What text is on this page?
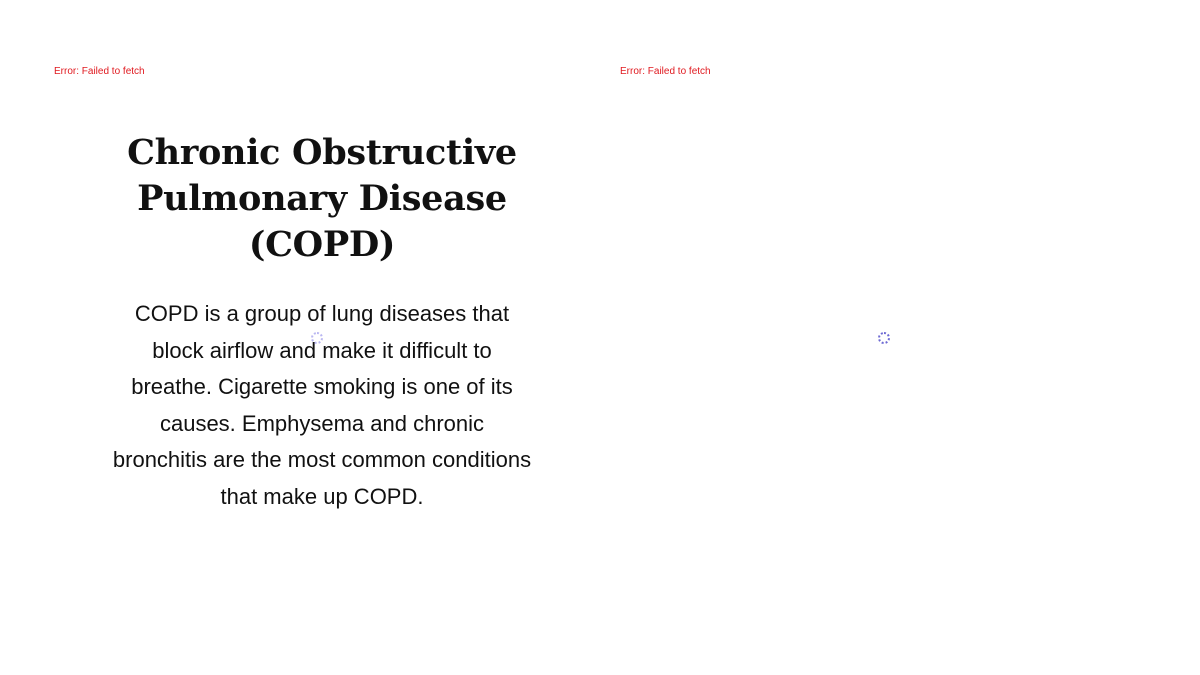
Error: Failed to fetch
Chronic Obstructive Pulmonary Disease (COPD)

COPD is a group of lung diseases that block airflow and make it difficult to breathe. Cigarette smoking is one of its causes. Emphysema and chronic bronchitis are the most common conditions that make up COPD.

Error: Failed to fetch
